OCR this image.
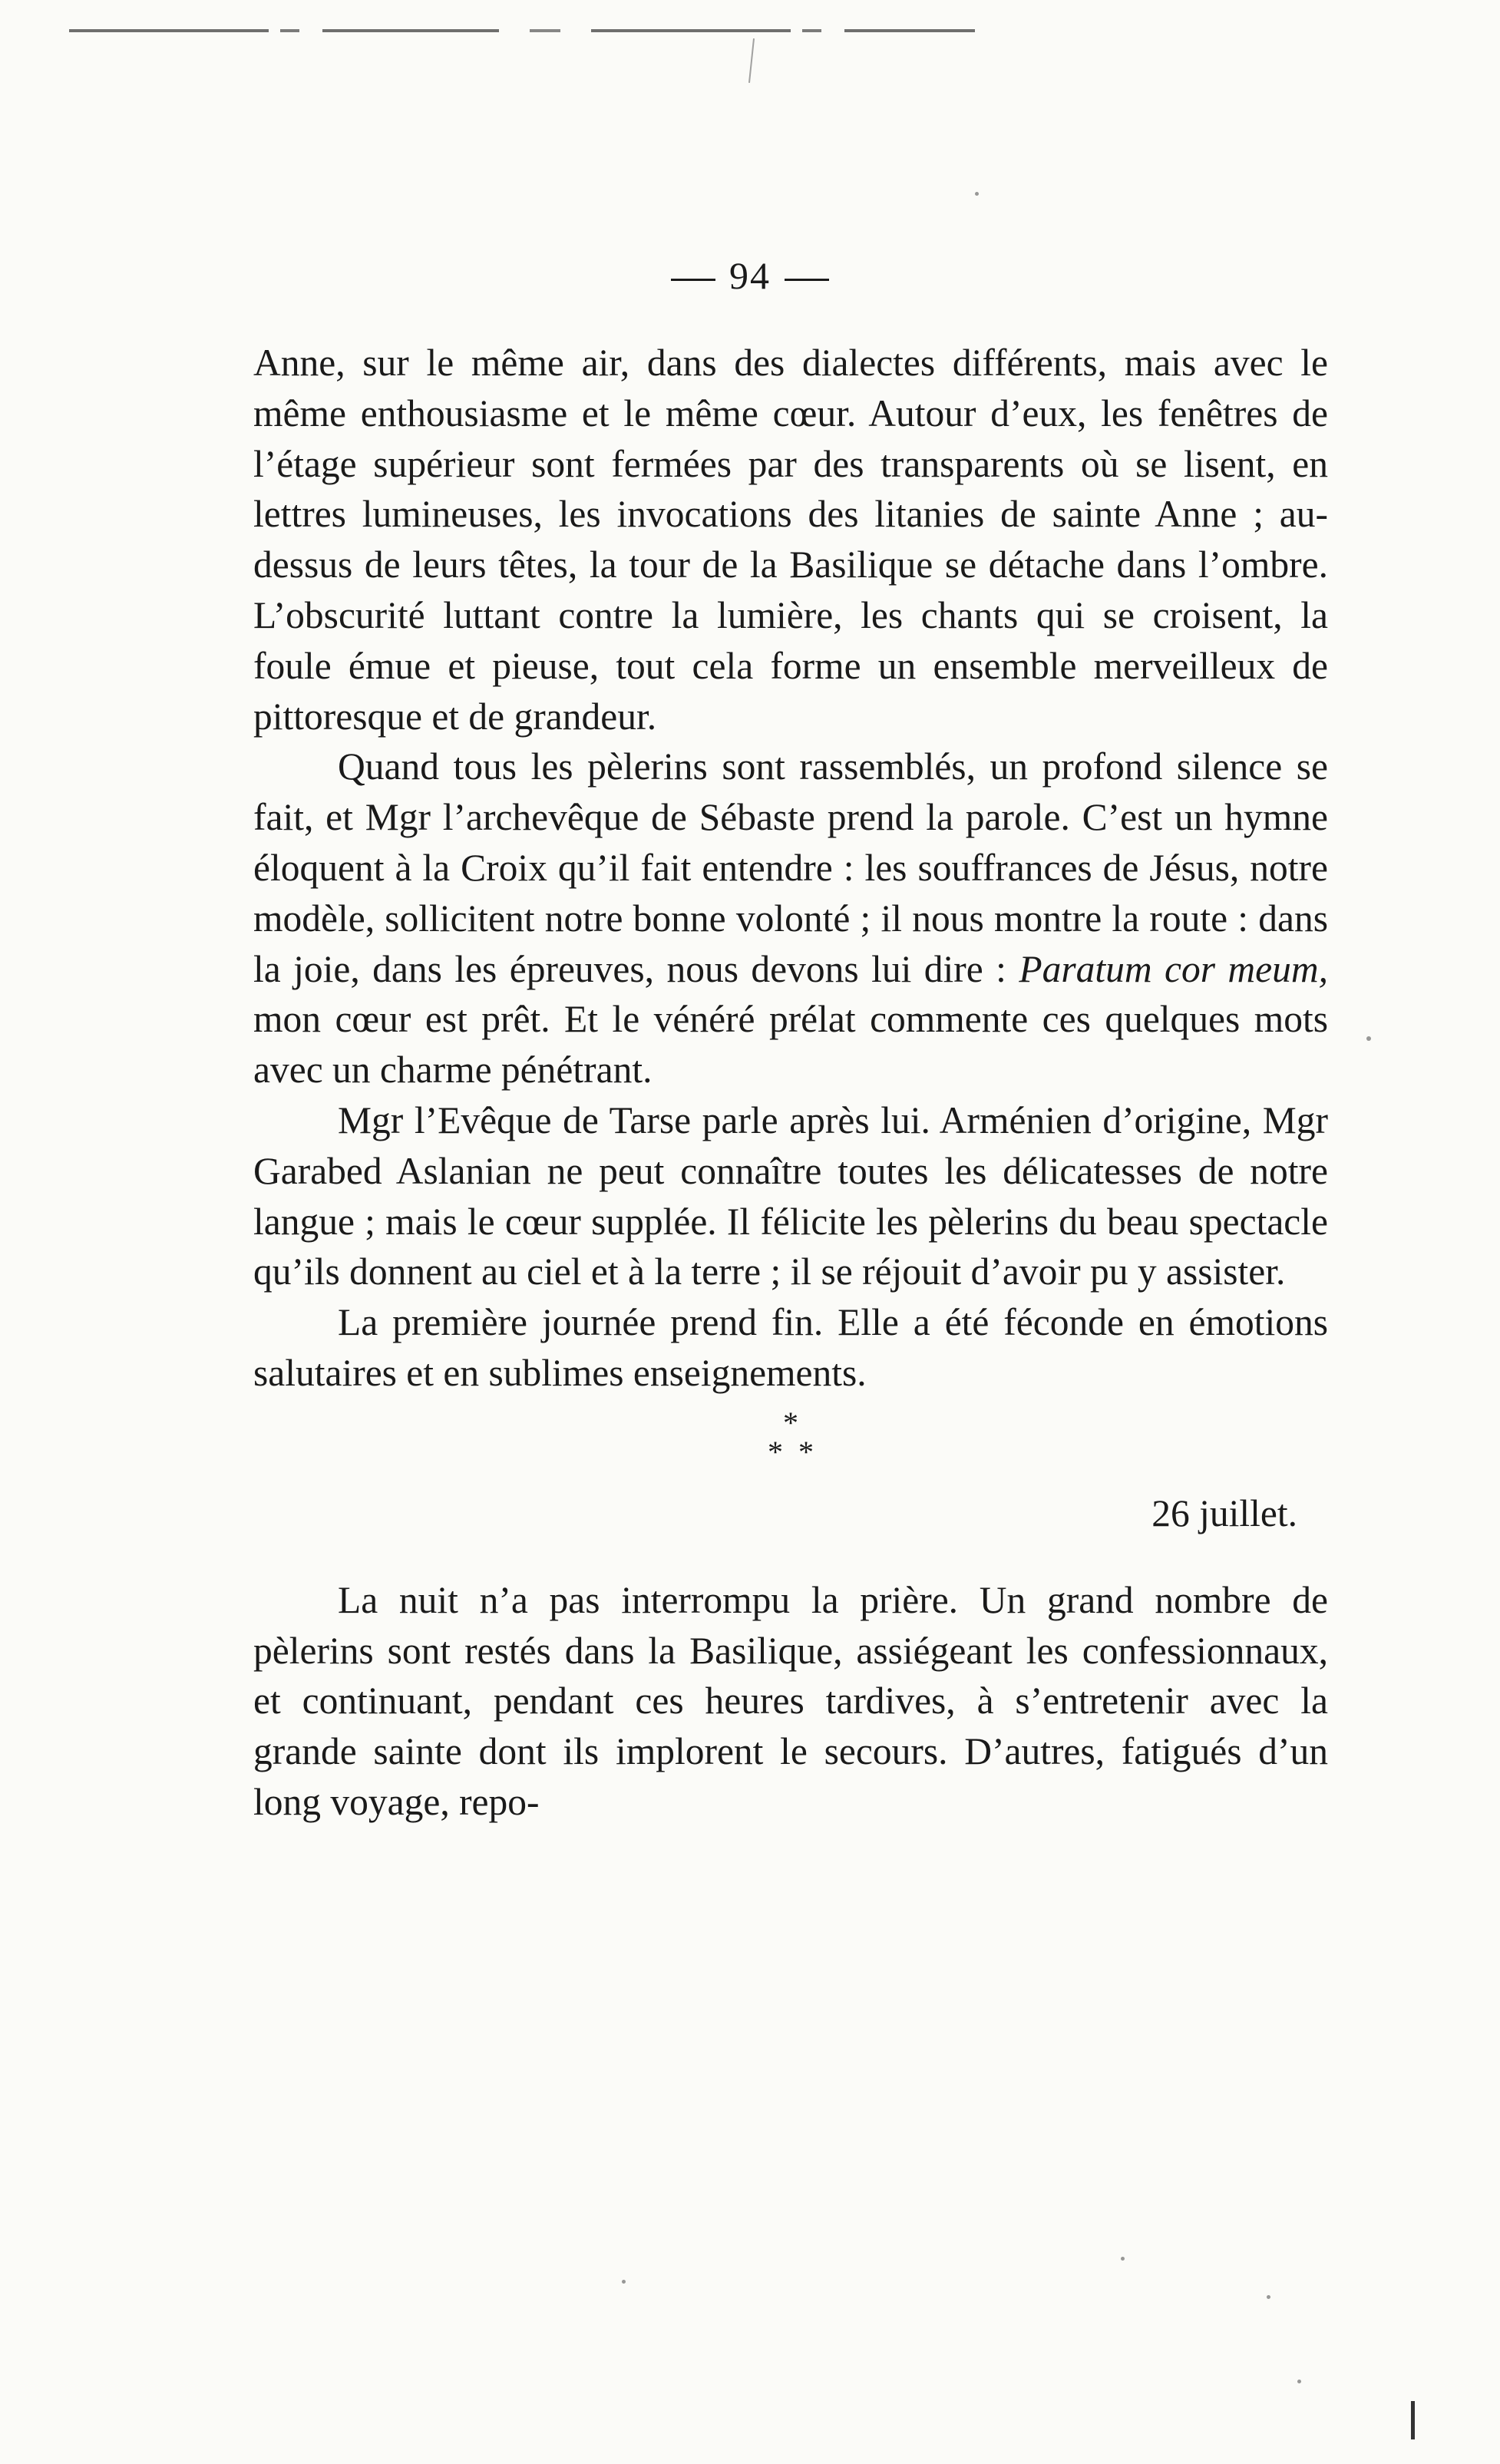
94

Anne, sur le même air, dans des dialectes différents, mais avec le même enthousiasme et le même cœur. Autour d’eux, les fenêtres de l’étage supérieur sont fermées par des transparents où se lisent, en lettres lumineuses, les invocations des litanies de sainte Anne ; au-dessus de leurs têtes, la tour de la Basilique se détache dans l’ombre. L’obscurité luttant contre la lumière, les chants qui se croisent, la foule émue et pieuse, tout cela forme un ensemble merveilleux de pittoresque et de grandeur.

Quand tous les pèlerins sont rassemblés, un profond silence se fait, et Mgr l’archevêque de Sébaste prend la parole. C’est un hymne éloquent à la Croix qu’il fait entendre : les souffrances de Jésus, notre modèle, sollicitent notre bonne volonté ; il nous montre la route : dans la joie, dans les épreuves, nous devons lui dire : Paratum cor meum, mon cœur est prêt. Et le vénéré prélat commente ces quelques mots avec un charme pénétrant.

Mgr l’Evêque de Tarse parle après lui. Arménien d’origine, Mgr Garabed Aslanian ne peut connaître toutes les délicatesses de notre langue ; mais le cœur supplée. Il félicite les pèlerins du beau spectacle qu’ils donnent au ciel et à la terre ; il se réjouit d’avoir pu y assister.

La première journée prend fin. Elle a été féconde en émotions salutaires et en sublimes enseignements.

*
* *
26 juillet.

La nuit n’a pas interrompu la prière. Un grand nombre de pèlerins sont restés dans la Basilique, assiégeant les confessionnaux, et continuant, pendant ces heures tardives, à s’entretenir avec la grande sainte dont ils implorent le secours. D’autres, fatigués d’un long voyage, repo-
